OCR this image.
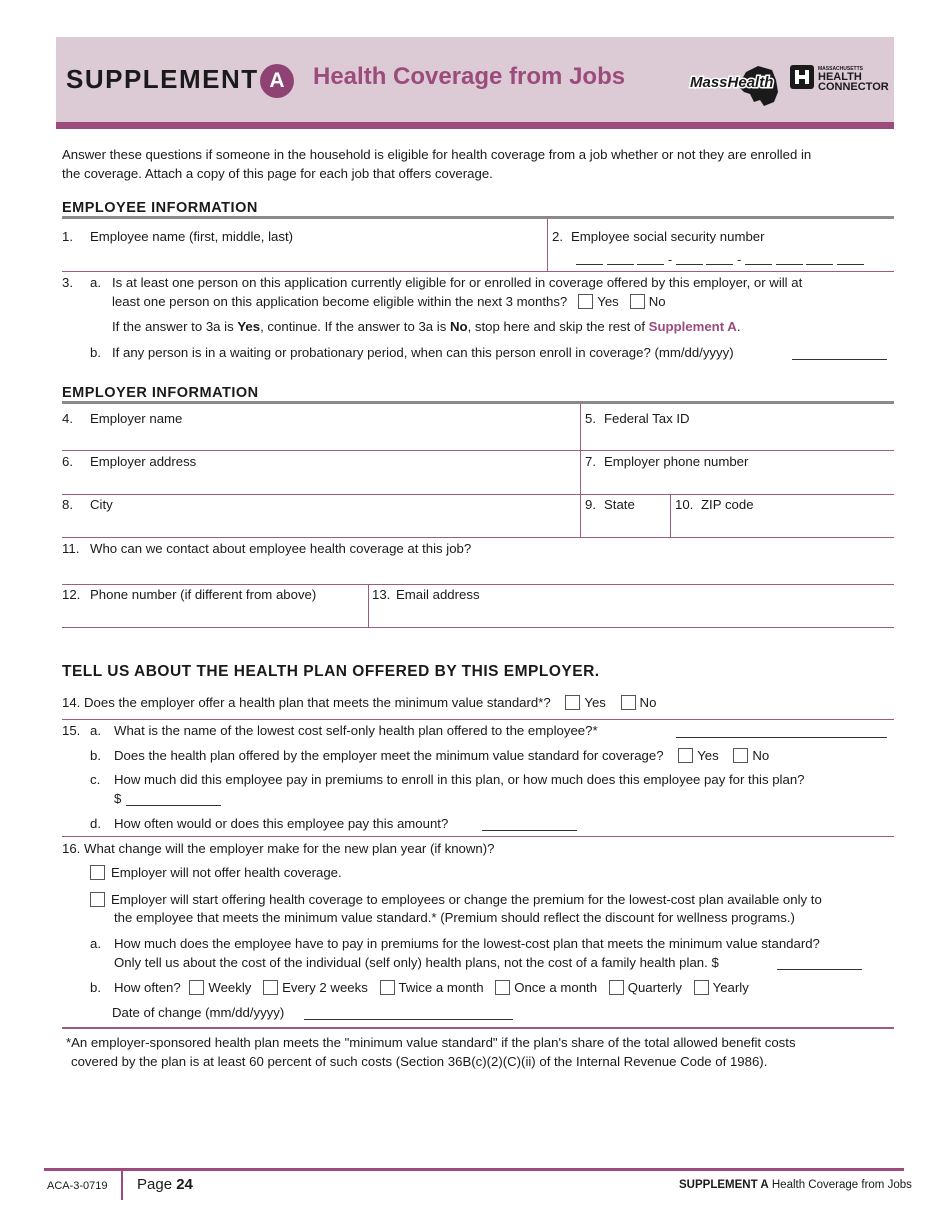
SUPPLEMENT A	Health Coverage from Jobs	MassHealth
MASSACHUSETTS
HEALTH
CONNECTOR
Answer these questions if someone in the household is eligible for health coverage from a job whether or not they are enrolled in
the coverage. Attach a copy of this page for each job that offers coverage.
EMPLOYEE INFORMATION
1. Employee name (first, middle, last)	2. Employee social security number
-	-
3. a. Is at least one person on this application currently eligible for or enrolled in coverage offered by this employer, or will at
least one person on this application become eligible within the next 3 months? Yes No
If the answer to 3a is Yes, continue. If the answer to 3a is No, stop here and skip the rest of Supplement A.
b. If any person is in a waiting or probationary period, when can this person enroll in coverage? (mm/dd/yyyy)
EMPLOYER INFORMATION
4. Employer name	5. Federal Tax ID
6. Employer address	7. Employer phone number
8. City	9. State	10. ZIP code
11. Who can we contact about employee health coverage at this job?
12. Phone number (if different from above)	13. Email address
TELL US ABOUT THE HEALTH PLAN OFFERED BY THIS EMPLOYER.
14. Does the employer offer a health plan that meets the minimum value standard*?	Yes	No
15. a. What is the name of the lowest cost self-only health plan offered to the employee?*
b. Does the health plan offered by the employer meet the minimum value standard for coverage?	Yes	No
c. How much did this employee pay in premiums to enroll in this plan, or how much does this employee pay for this plan?
$
d. How often would or does this employee pay this amount?
16. What change will the employer make for the new plan year (if known)?
Employer will not offer health coverage.
Employer will start offering health coverage to employees or change the premium for the lowest-cost plan available only to
the employee that meets the minimum value standard.* (Premium should reflect the discount for wellness programs.)
a. How much does the employee have to pay in premiums for the lowest-cost plan that meets the minimum value standard?
Only tell us about the cost of the individual (self only) health plans, not the cost of a family health plan. $
b. How often? Weekly Every 2 weeks Twice a month Once a month Quarterly Yearly
Date of change (mm/dd/yyyy)
*An employer-sponsored health plan meets the "minimum value standard" if the plan's share of the total allowed benefit costs
covered by the plan is at least 60 percent of such costs (Section 36B(c)(2)(C)(ii) of the Internal Revenue Code of 1986).
ACA-3-0719 Page 24	SUPPLEMENT A Health Coverage from Jobs
